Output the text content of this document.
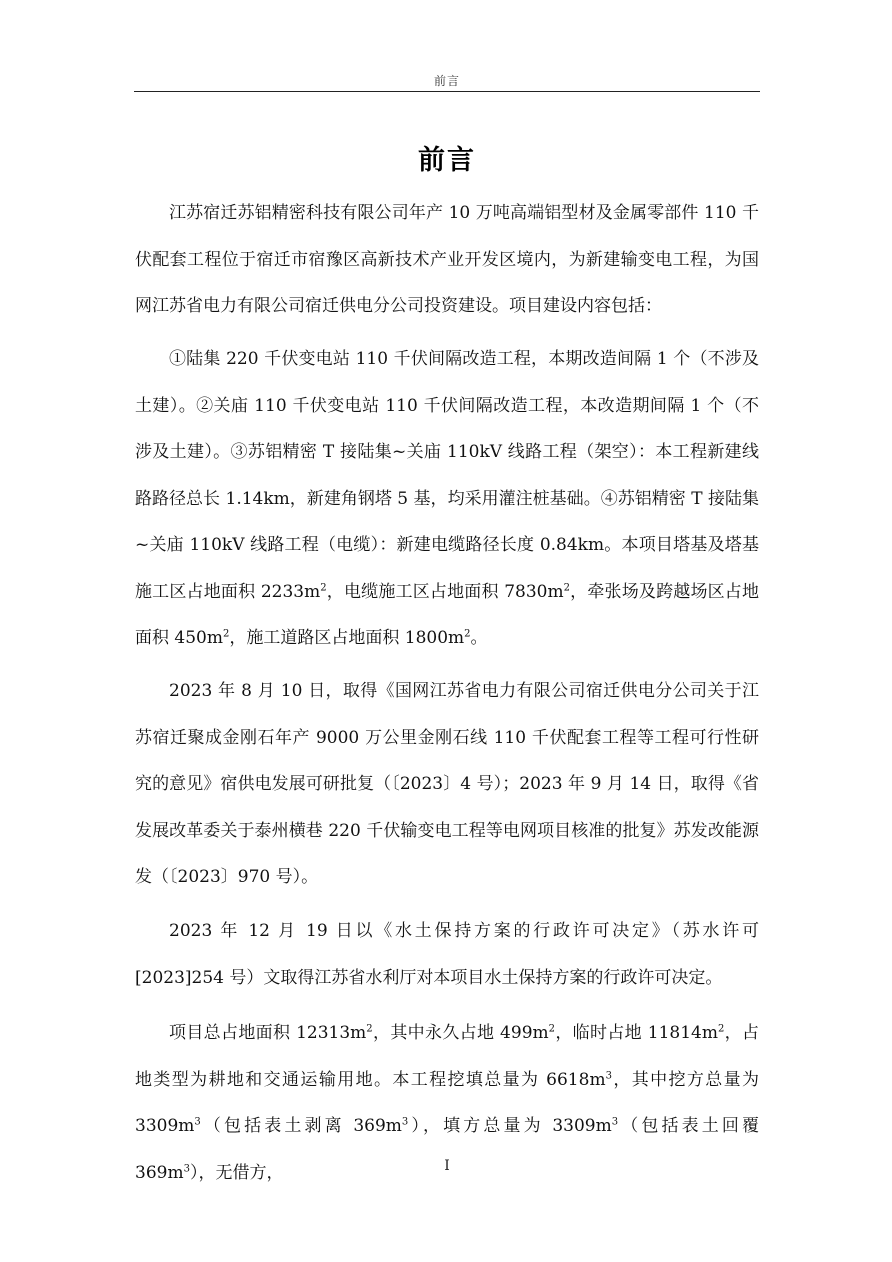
前言
前言

江苏宿迁苏铝精密科技有限公司年产 10 万吨高端铝型材及金属零部件 110 千伏配套工程位于宿迁市宿豫区高新技术产业开发区境内，为新建输变电工程，为国网江苏省电力有限公司宿迁供电分公司投资建设。项目建设内容包括：

①陆集 220 千伏变电站 110 千伏间隔改造工程，本期改造间隔 1 个（不涉及土建）。②关庙 110 千伏变电站 110 千伏间隔改造工程，本改造期间隔 1 个（不涉及土建）。③苏铝精密 T 接陆集~关庙 110kV 线路工程（架空）：本工程新建线路路径总长 1.14km，新建角钢塔 5 基，均采用灌注桩基础。④苏铝精密 T 接陆集~关庙 110kV 线路工程（电缆）：新建电缆路径长度 0.84km。本项目塔基及塔基施工区占地面积 $2233m^2$，电缆施工区占地面积 $7830m^2$，牵张场及跨越场区占地面积 $450m^2$，施工道路区占地面积 $1800m^2$。

2023 年 8 月 10 日，取得《国网江苏省电力有限公司宿迁供电分公司关于江苏宿迁聚成金刚石年产 9000 万公里金刚石线 110 千伏配套工程等工程可行性研究的意见》宿供电发展可研批复（〔2023〕4 号）；2023 年 9 月 14 日，取得《省发展改革委关于泰州横巷 220 千伏输变电工程等电网项目核准的批复》苏发改能源发（〔2023〕970 号）。

2023 年 12 月 19 日以《水土保持方案的行政许可决定》（苏水许可[2023]254 号）文取得江苏省水利厅对本项目水土保持方案的行政许可决定。

项目总占地面积 $12313m^2$，其中永久占地 $499m^2$，临时占地 $11814m^2$，占地类型为耕地和交通运输用地。本工程挖填总量为 $6618m^3$，其中挖方总量为 $3309m^3$（包括表土剥离 $369m^3$），填方总量为 $3309m^3$（包括表土回覆 $369m^3$），无借方，	I
